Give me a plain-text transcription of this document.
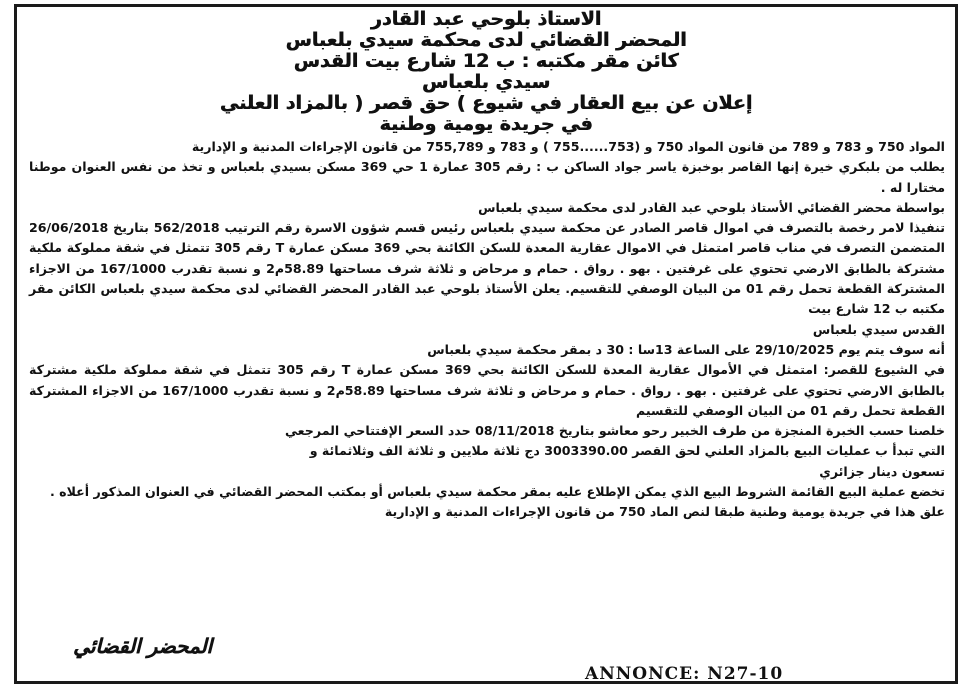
الاستاذ بلوحي عبد القادر
المحضر القضائي لدى محكمة سيدي بلعباس
كائن مقر مكتبه : ب 12 شارع بيت القدس
سيدي بلعباس
إعلان عن بيع العقار في شيوع ) حق قصر ( بالمزاد العلني
في جريدة يومية وطنية

المواد 750 و 783 و 789 من قانون المواد 750 و (753......755 ) و 783 و 755,789 من قانون الإجراءات المدنية و الإدارية

يطلب من بلبكري خيرة إنها القاصر بوخبزة ياسر جواد الساكن ب : رقم 305 عمارة 1 حي 369 مسكن بسيدي بلعباس و تخذ من نفس العنوان موطنا مختارا له .

بواسطة محضر القضائي الأستاذ بلوحي عبد القادر لدى محكمة سيدي بلعباس

تنفيذا لامر رخصة بالتصرف في اموال قاصر الصادر عن محكمة سيدي بلعباس رئيس قسم شؤون الاسرة رقم الترتيب 562/2018 بتاريخ 26/06/2018 المتضمن التصرف في مناب قاصر امتمثل في الاموال عقارية المعدة للسكن الكائنة بحي 369 مسكن عمارة T رقم 305 تتمثل في شقة مملوكة ملكية مشتركة بالطابق الارضي تحتوي على غرفتين . بهو . رواق . حمام و مرحاض و ثلاثة شرف مساحتها 58.89م2 و نسبة تقدرب 167/1000 من الاجزاء المشتركة القطعة تحمل رقم 01 من البيان الوصفي للتقسيم. يعلن الأستاذ بلوحي عبد القادر المحضر القضائي لدى محكمة سيدي بلعباس الكائن مقر مكتبه ب 12 شارع بيت

القدس سيدي بلعباس

أنه سوف يتم يوم 29/10/2025 على الساعة 13سا : 30 د بمقر محكمة سيدي بلعباس

في الشيوع للقصر: امتمثل في الأموال عقارية المعدة للسكن الكائنة بحي 369 مسكن عمارة T رقم 305 تتمثل في شقة مملوكة ملكية مشتركة بالطابق الارضي تحتوي على غرفتين . بهو . رواق . حمام و مرحاض و ثلاثة شرف مساحتها 58.89م2 و نسبة تقدرب 167/1000 من الاجزاء المشتركة القطعة تحمل رقم 01 من البيان الوصفي للتقسيم

خلصنا حسب الخبرة المنجزة من طرف الخبير رحو معاشو بتاريخ 08/11/2018 حدد السعر الإفتتاحي المرجعي

التي تبدأ ب عمليات البيع بالمزاد العلني لحق القصر 3003390.00 دج ثلاثة ملايين و ثلاثة الف وثلاثمائة و

تسعون دينار جزائري

تخضع عملية البيع القائمة الشروط البيع الذي يمكن الإطلاع عليه بمقر محكمة سيدي بلعباس أو بمكتب المحضر القضائي في العنوان المذكور أعلاه .

علق هذا في جريدة يومية وطنية طبقا لنص الماد 750 من قانون الإجراءات المدنية و الإدارية

المحضر القضائي
ANNONCE: N27-10
